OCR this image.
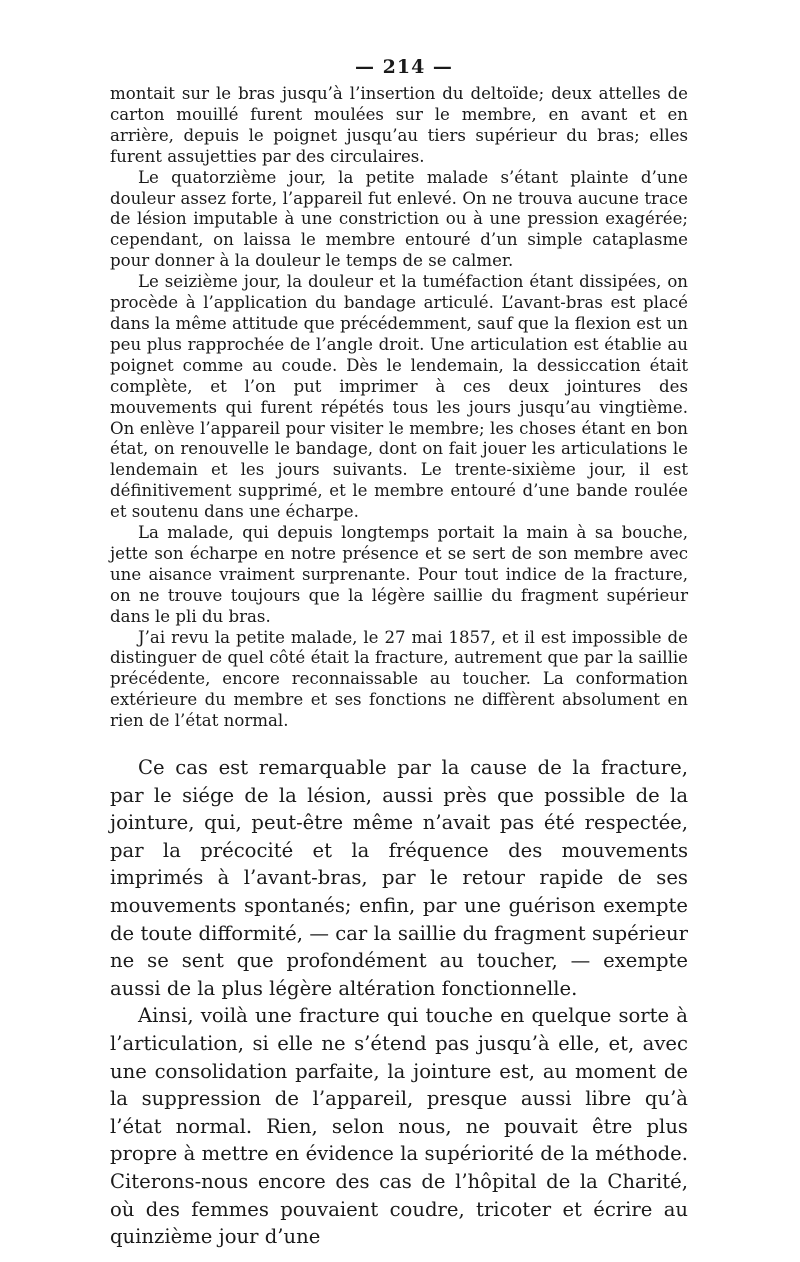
— 214 —

montait sur le bras jusqu’à l’insertion du deltoïde; deux attelles de carton mouillé furent moulées sur le membre, en avant et en arrière, depuis le poignet jusqu’au tiers supérieur du bras; elles furent assujetties par des circulaires.

Le quatorzième jour, la petite malade s’étant plainte d’une douleur assez forte, l’appareil fut enlevé. On ne trouva aucune trace de lésion imputable à une constriction ou à une pression exagérée; cependant, on laissa le membre entouré d’un simple cataplasme pour donner à la douleur le temps de se calmer.

Le seizième jour, la douleur et la tuméfaction étant dissipées, on procède à l’application du bandage articulé. L’avant-bras est placé dans la même attitude que précédemment, sauf que la flexion est un peu plus rapprochée de l’angle droit. Une articulation est établie au poignet comme au coude. Dès le lendemain, la dessiccation était complète, et l’on put imprimer à ces deux jointures des mouvements qui furent répétés tous les jours jusqu’au vingtième. On enlève l’appareil pour visiter le membre; les choses étant en bon état, on renouvelle le bandage, dont on fait jouer les articulations le lendemain et les jours suivants. Le trente-sixième jour, il est définitivement supprimé, et le membre entouré d’une bande roulée et soutenu dans une écharpe.

La malade, qui depuis longtemps portait la main à sa bouche, jette son écharpe en notre présence et se sert de son membre avec une aisance vraiment surprenante. Pour tout indice de la fracture, on ne trouve toujours que la légère saillie du fragment supérieur dans le pli du bras.

J’ai revu la petite malade, le 27 mai 1857, et il est impossible de distinguer de quel côté était la fracture, autrement que par la saillie précédente, encore reconnaissable au toucher. La conformation extérieure du membre et ses fonctions ne diffèrent absolument en rien de l’état normal.

Ce cas est remarquable par la cause de la fracture, par le siége de la lésion, aussi près que possible de la jointure, qui, peut-être même n’avait pas été respectée, par la précocité et la fréquence des mouvements imprimés à l’avant-bras, par le retour rapide de ses mouvements spontanés; enfin, par une guérison exempte de toute difformité, — car la saillie du fragment supérieur ne se sent que profondément au toucher, — exempte aussi de la plus légère altération fonctionnelle.

Ainsi, voilà une fracture qui touche en quelque sorte à l’articulation, si elle ne s’étend pas jusqu’à elle, et, avec une consolidation parfaite, la jointure est, au moment de la suppression de l’appareil, presque aussi libre qu’à l’état normal. Rien, selon nous, ne pouvait être plus propre à mettre en évidence la supériorité de la méthode. Citerons-nous encore des cas de l’hôpital de la Charité, où des femmes pouvaient coudre, tricoter et écrire au quinzième jour d’une
